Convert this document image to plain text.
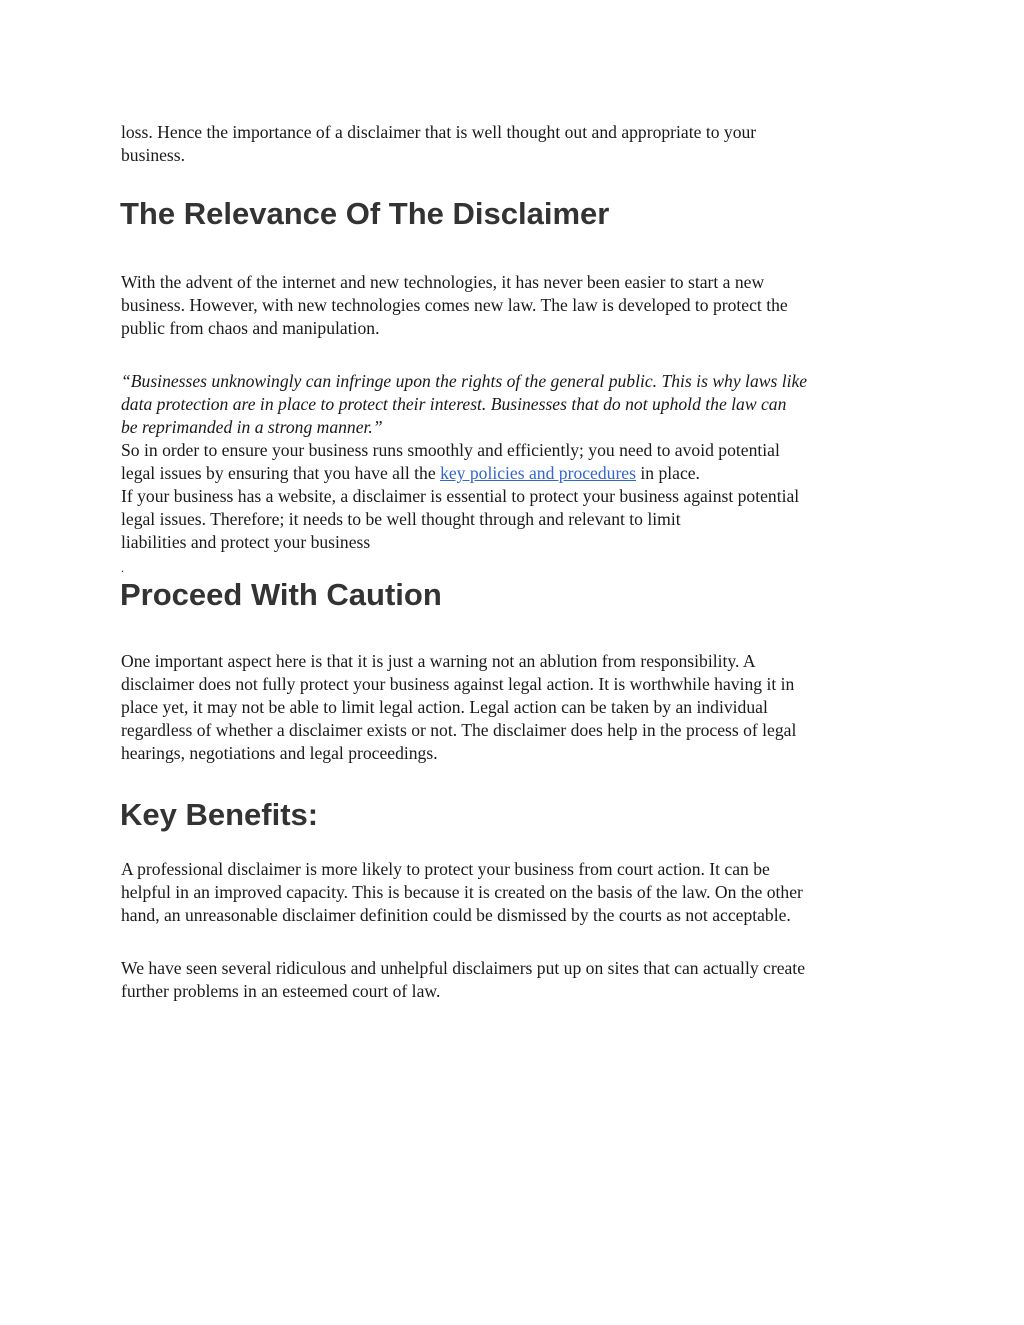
loss. Hence the importance of a disclaimer that is well thought out and appropriate to your
business.

The Relevance Of The Disclaimer

With the advent of the internet and new technologies, it has never been easier to start a new
business. However, with new technologies comes new law. The law is developed to protect the
public from chaos and manipulation.

“Businesses unknowingly can infringe upon the rights of the general public. This is why laws like
data protection are in place to protect their interest. Businesses that do not uphold the law can
be reprimanded in a strong manner.”

So in order to ensure your business runs smoothly and efficiently; you need to avoid potential
legal issues by ensuring that you have all the key policies and procedures in place.

If your business has a website, a disclaimer is essential to protect your business against potential
legal issues. Therefore; it needs to be well thought through and relevant to limit
liabilities and protect your business

.
Proceed With Caution

One important aspect here is that it is just a warning not an ablution from responsibility. A
disclaimer does not fully protect your business against legal action. It is worthwhile having it in
place yet, it may not be able to limit legal action. Legal action can be taken by an individual
regardless of whether a disclaimer exists or not. The disclaimer does help in the process of legal
hearings, negotiations and legal proceedings.

Key Benefits:

A professional disclaimer is more likely to protect your business from court action. It can be
helpful in an improved capacity. This is because it is created on the basis of the law. On the other
hand, an unreasonable disclaimer definition could be dismissed by the courts as not acceptable.

We have seen several ridiculous and unhelpful disclaimers put up on sites that can actually create
further problems in an esteemed court of law.
